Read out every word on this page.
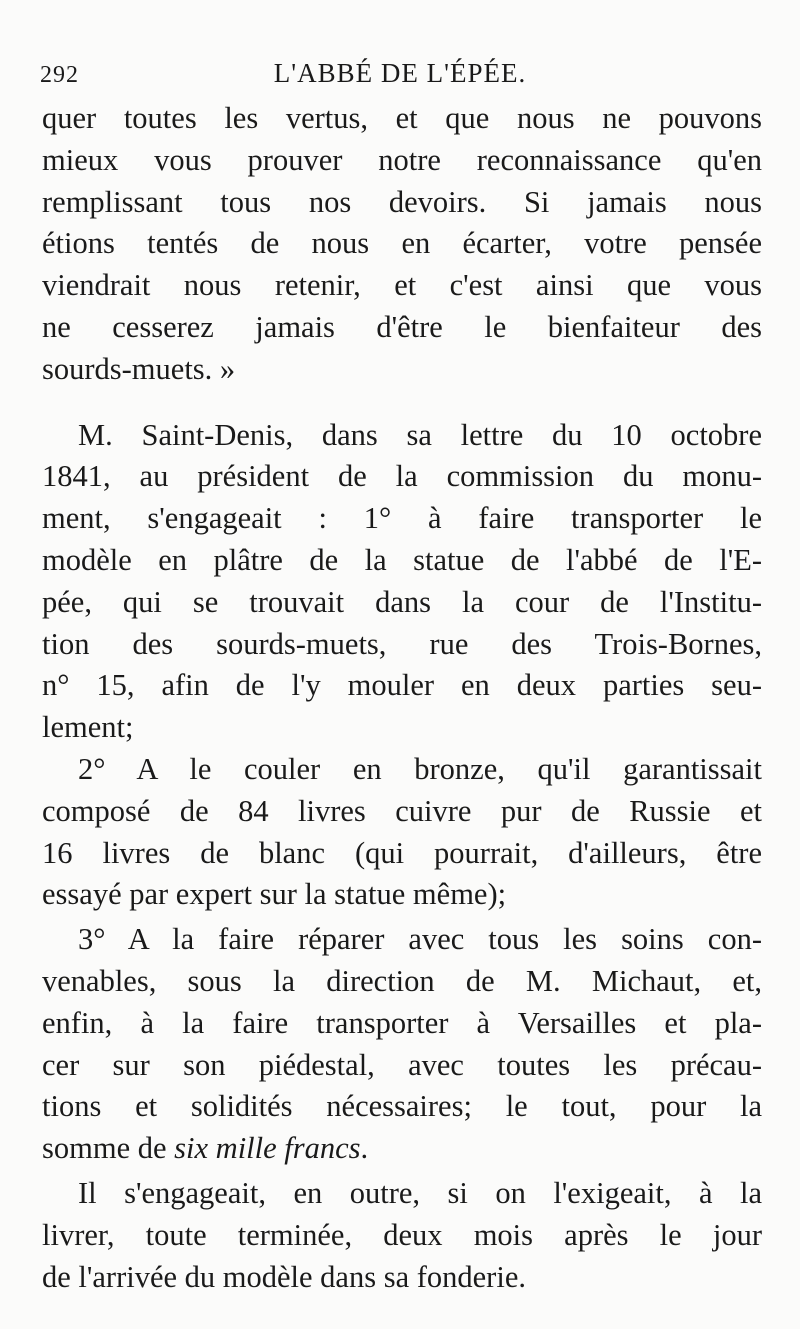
292	L'ABBÉ DE L'ÉPÉE.
quer toutes les vertus, et que nous ne pouvons
mieux vous prouver notre reconnaissance qu'en
remplissant tous nos devoirs. Si jamais nous
étions tentés de nous en écarter, votre pensée
viendrait nous retenir, et c'est ainsi que vous
ne cesserez jamais d'être le bienfaiteur des
sourds-muets. »
M. Saint-Denis, dans sa lettre du 10 octobre
1841, au président de la commission du monu-
ment, s'engageait : 1° à faire transporter le
modèle en plâtre de la statue de l'abbé de l'E-
pée, qui se trouvait dans la cour de l'Institu-
tion des sourds-muets, rue des Trois-Bornes,
n° 15, afin de l'y mouler en deux parties seu-
lement;
2° A le couler en bronze, qu'il garantissait
composé de 84 livres cuivre pur de Russie et
16 livres de blanc (qui pourrait, d'ailleurs, être
essayé par expert sur la statue même);
3° A la faire réparer avec tous les soins con-
venables, sous la direction de M. Michaut, et,
enfin, à la faire transporter à Versailles et pla-
cer sur son piédestal, avec toutes les précau-
tions et solidités nécessaires; le tout, pour la
somme de six mille francs.
Il s'engageait, en outre, si on l'exigeait, à la
livrer, toute terminée, deux mois après le jour
de l'arrivée du modèle dans sa fonderie.
